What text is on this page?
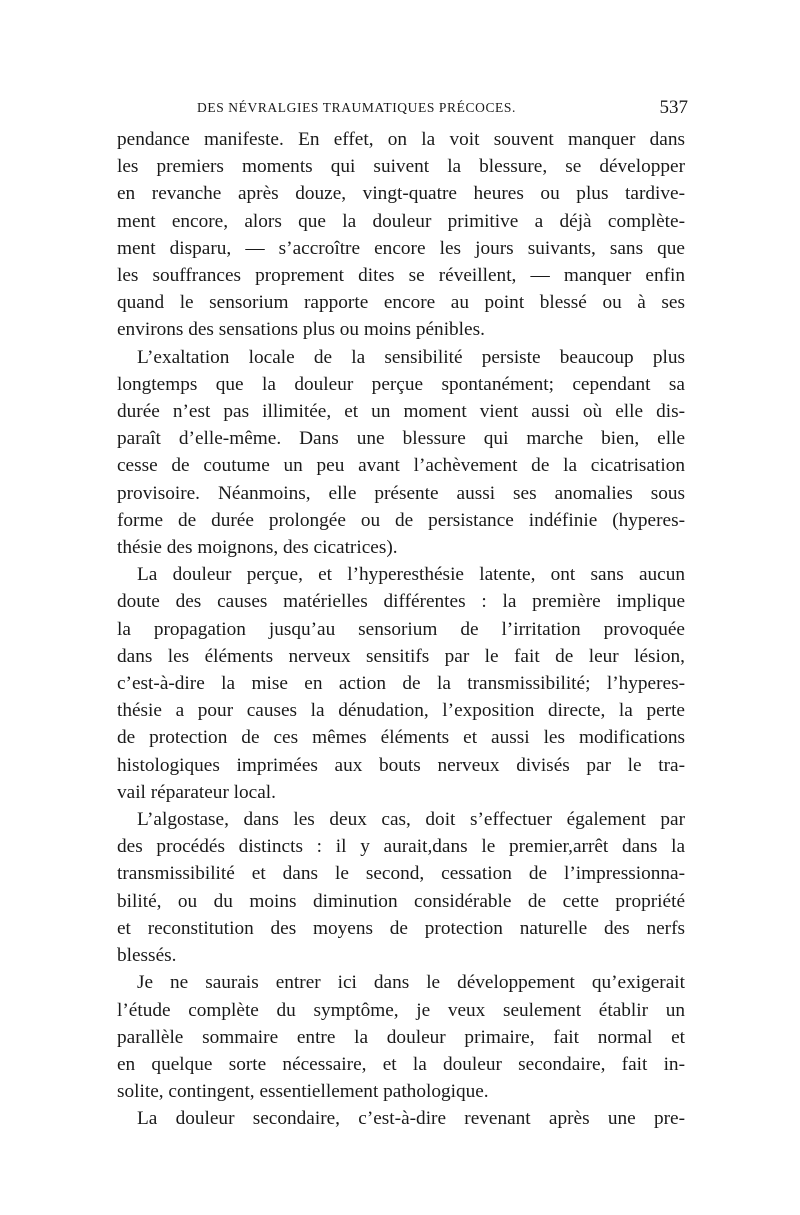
DES NÉVRALGIES TRAUMATIQUES PRÉCOCES.	537

pendance manifeste. En effet, on la voit souvent manquer dans
les premiers moments qui suivent la blessure, se développer
en revanche après douze, vingt-quatre heures ou plus tardive-
ment encore, alors que la douleur primitive a déjà complète-
ment disparu, — s’accroître encore les jours suivants, sans que
les souffrances proprement dites se réveillent, — manquer enfin
quand le sensorium rapporte encore au point blessé ou à ses
environs des sensations plus ou moins pénibles.

L’exaltation locale de la sensibilité persiste beaucoup plus
longtemps que la douleur perçue spontanément; cependant sa
durée n’est pas illimitée, et un moment vient aussi où elle dis-
paraît d’elle-même. Dans une blessure qui marche bien, elle
cesse de coutume un peu avant l’achèvement de la cicatrisation
provisoire. Néanmoins, elle présente aussi ses anomalies sous
forme de durée prolongée ou de persistance indéfinie (hyperes-
thésie des moignons, des cicatrices).

La douleur perçue, et l’hyperesthésie latente, ont sans aucun
doute des causes matérielles différentes : la première implique
la propagation jusqu’au sensorium de l’irritation provoquée
dans les éléments nerveux sensitifs par le fait de leur lésion,
c’est-à-dire la mise en action de la transmissibilité; l’hyperes-
thésie a pour causes la dénudation, l’exposition directe, la perte
de protection de ces mêmes éléments et aussi les modifications
histologiques imprimées aux bouts nerveux divisés par le tra-
vail réparateur local.

L’algostase, dans les deux cas, doit s’effectuer également par
des procédés distincts : il y aurait,dans le premier,arrêt dans la
transmissibilité et dans le second, cessation de l’impressionna-
bilité, ou du moins diminution considérable de cette propriété
et reconstitution des moyens de protection naturelle des nerfs
blessés.

Je ne saurais entrer ici dans le développement qu’exigerait
l’étude complète du symptôme, je veux seulement établir un
parallèle sommaire entre la douleur primaire, fait normal et
en quelque sorte nécessaire, et la douleur secondaire, fait in-
solite, contingent, essentiellement pathologique.

La douleur secondaire, c’est-à-dire revenant après une pre-
